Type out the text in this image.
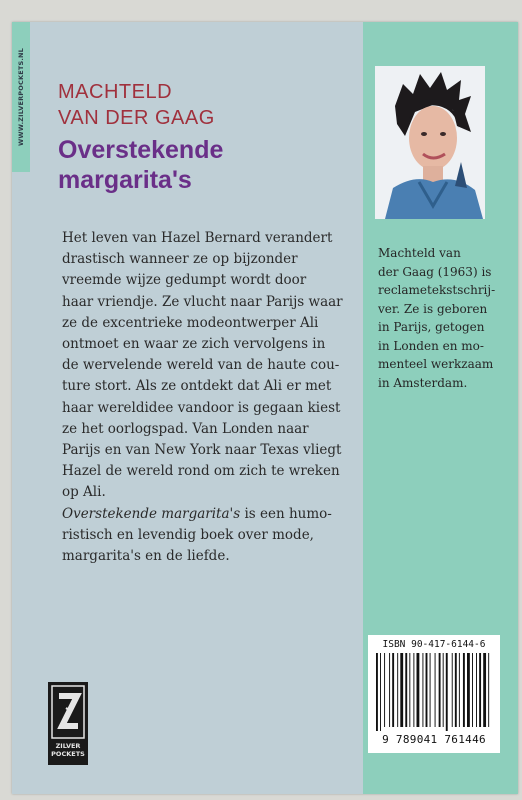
WWW.ZILVERPOCKETS.NL MACHTELD
VAN DER GAAG
Overstekende
margarita's
Het leven van Hazel Bernard verandert
drastisch wanneer ze op bijzonder
vreemde wijze gedumpt wordt door
haar vriendje. Ze vlucht naar Parijs waar
ze de excentrieke modeontwerper Ali
ontmoet en waar ze zich vervolgens in
de wervelende wereld van de haute cou-
ture stort. Als ze ontdekt dat Ali er met
haar wereldidee vandoor is gegaan kiest
ze het oorlogspad. Van Londen naar
Parijs en van New York naar Texas vliegt
Hazel de wereld rond om zich te wreken
op Ali.
Overstekende margarita's is een humo-
ristisch en levendig boek over mode,
margarita's en de liefde.
Machteld van
der Gaag (1963) is
reclametekstschrij-
ver. Ze is geboren
in Parijs, getogen
in Londen en mo-
menteel werkzaam
in Amsterdam.
ISBN 90-417-6144-6
9 789041 761446
ZILVER
POCKETS
